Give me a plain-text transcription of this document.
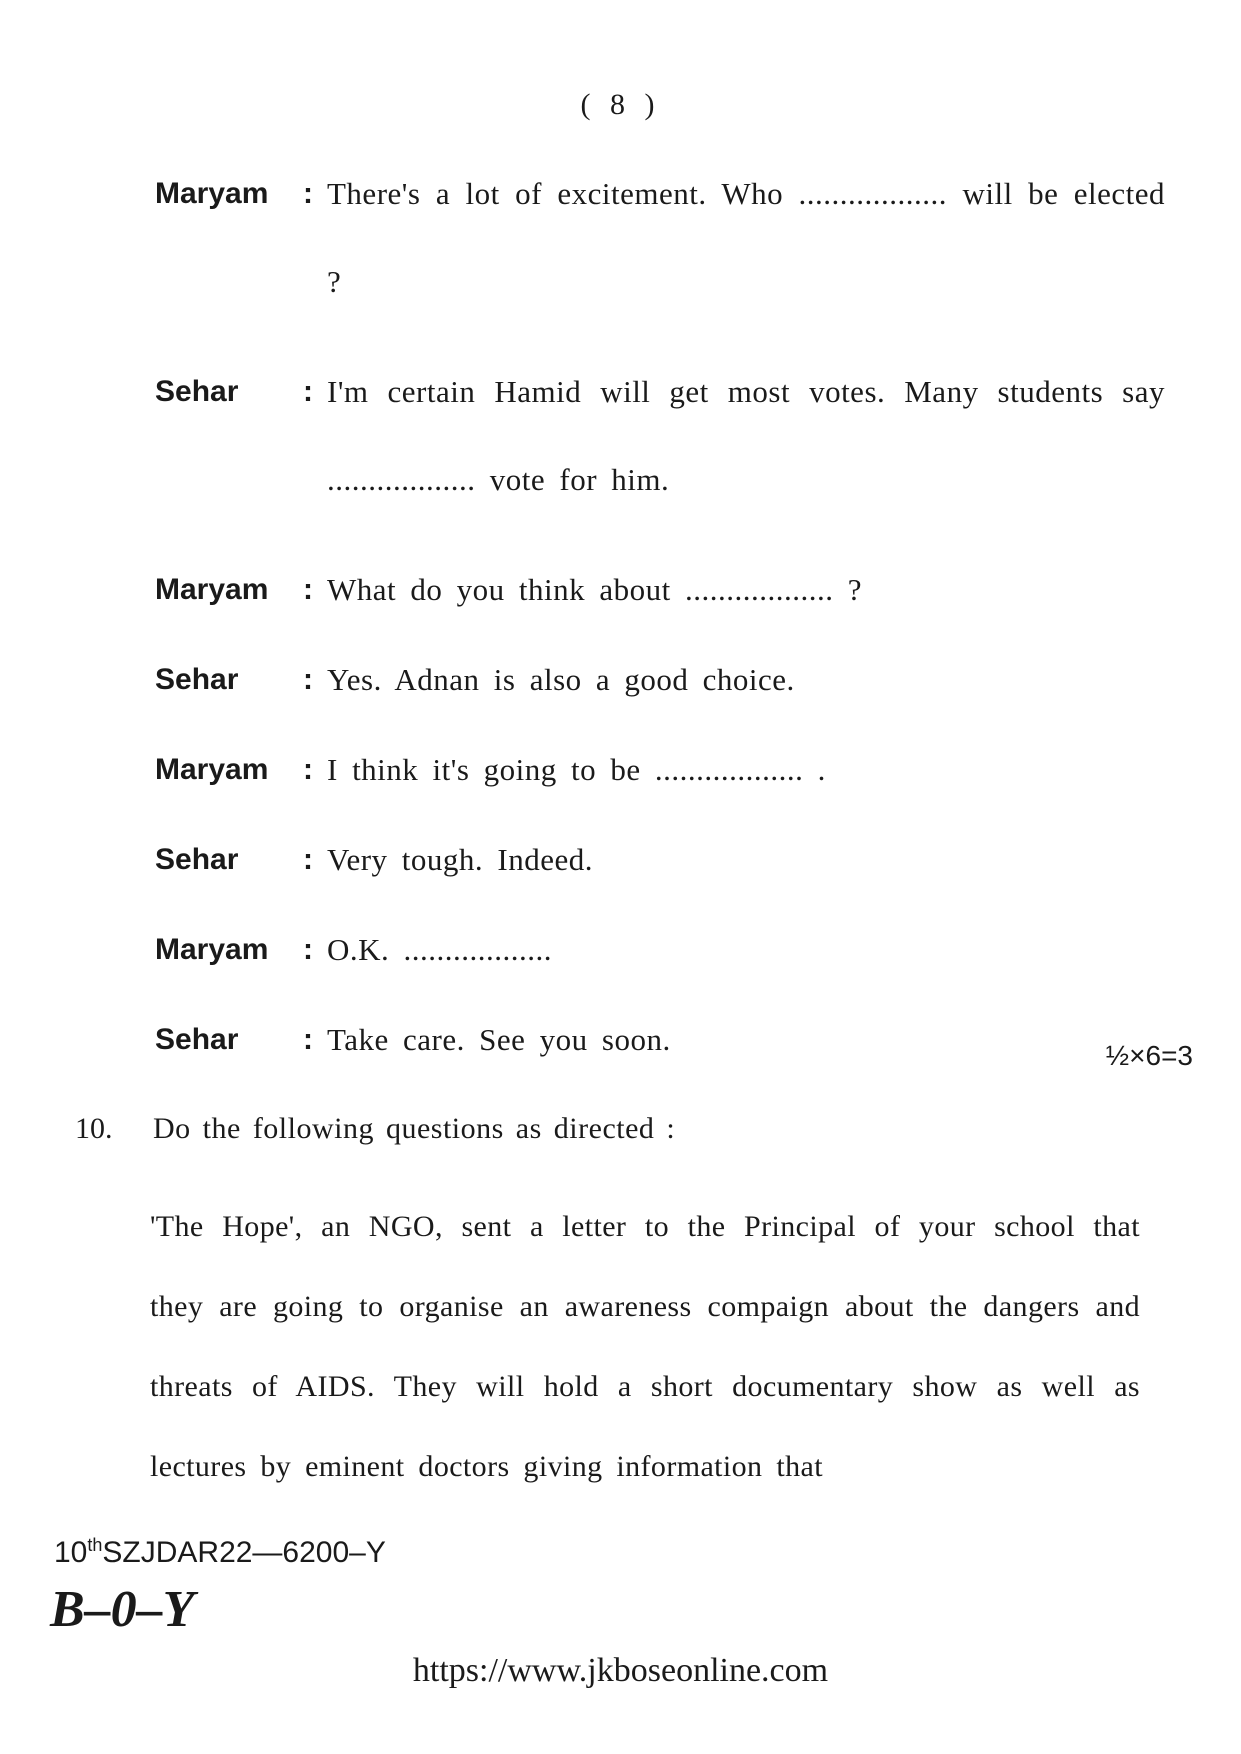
( 8 )
Maryam : There's a lot of excitement. Who .................. will be elected ?
Sehar : I'm certain Hamid will get most votes. Many students say .................. vote for him.
Maryam : What do you think about .................. ?
Sehar : Yes. Adnan is also a good choice.
Maryam : I think it's going to be .................. .
Sehar : Very tough. Indeed.
Maryam : O.K. ..................
Sehar : Take care. See you soon.	½×6=3
10.	Do the following questions as directed :
'The Hope', an NGO, sent a letter to the Principal of your school that they are going to organise an awareness compaign about the dangers and threats of AIDS. They will hold a short documentary show as well as lectures by eminent doctors giving information that
10thSZJDAR22—6200–Y
B–0–Y
https://www.jkboseonline.com
